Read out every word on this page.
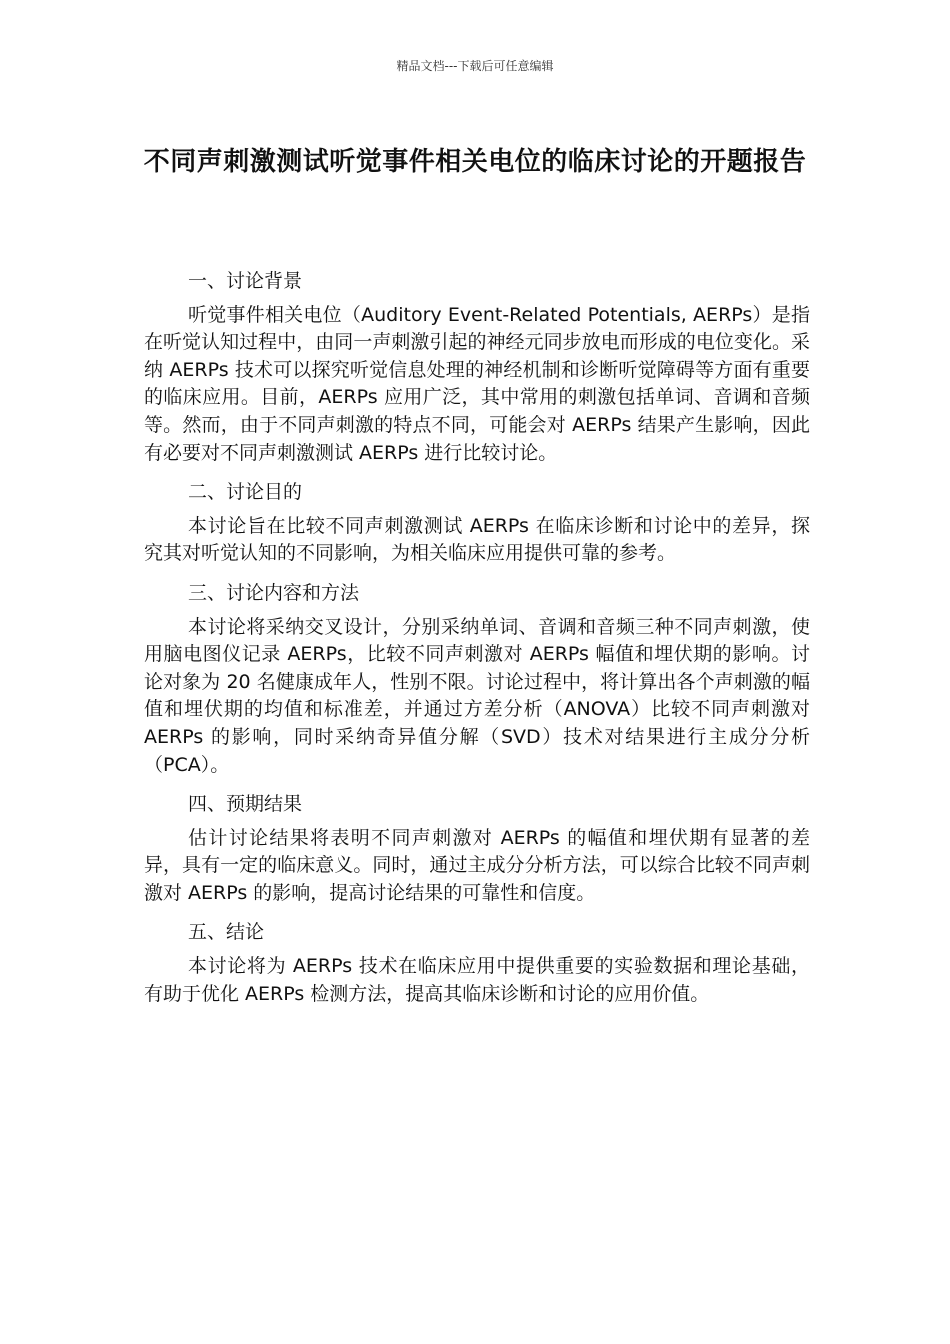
精品文档---下载后可任意编辑
不同声刺激测试听觉事件相关电位的临床讨论的开题报告

一、讨论背景

听觉事件相关电位（Auditory Event-Related Potentials, AERPs）是指在听觉认知过程中，由同一声刺激引起的神经元同步放电而形成的电位变化。采纳 AERPs 技术可以探究听觉信息处理的神经机制和诊断听觉障碍等方面有重要的临床应用。目前，AERPs 应用广泛，其中常用的刺激包括单词、音调和音频等。然而，由于不同声刺激的特点不同，可能会对 AERPs 结果产生影响，因此有必要对不同声刺激测试 AERPs 进行比较讨论。

二、讨论目的

本讨论旨在比较不同声刺激测试 AERPs 在临床诊断和讨论中的差异，探究其对听觉认知的不同影响，为相关临床应用提供可靠的参考。

三、讨论内容和方法

本讨论将采纳交叉设计，分别采纳单词、音调和音频三种不同声刺激，使用脑电图仪记录 AERPs，比较不同声刺激对 AERPs 幅值和埋伏期的影响。讨论对象为 20 名健康成年人，性别不限。讨论过程中，将计算出各个声刺激的幅值和埋伏期的均值和标准差，并通过方差分析（ANOVA）比较不同声刺激对 AERPs 的影响，同时采纳奇异值分解（SVD）技术对结果进行主成分分析（PCA）。

四、预期结果

估计讨论结果将表明不同声刺激对 AERPs 的幅值和埋伏期有显著的差异，具有一定的临床意义。同时，通过主成分分析方法，可以综合比较不同声刺激对 AERPs 的影响，提高讨论结果的可靠性和信度。

五、结论

本讨论将为 AERPs 技术在临床应用中提供重要的实验数据和理论基础，有助于优化 AERPs 检测方法，提高其临床诊断和讨论的应用价值。
